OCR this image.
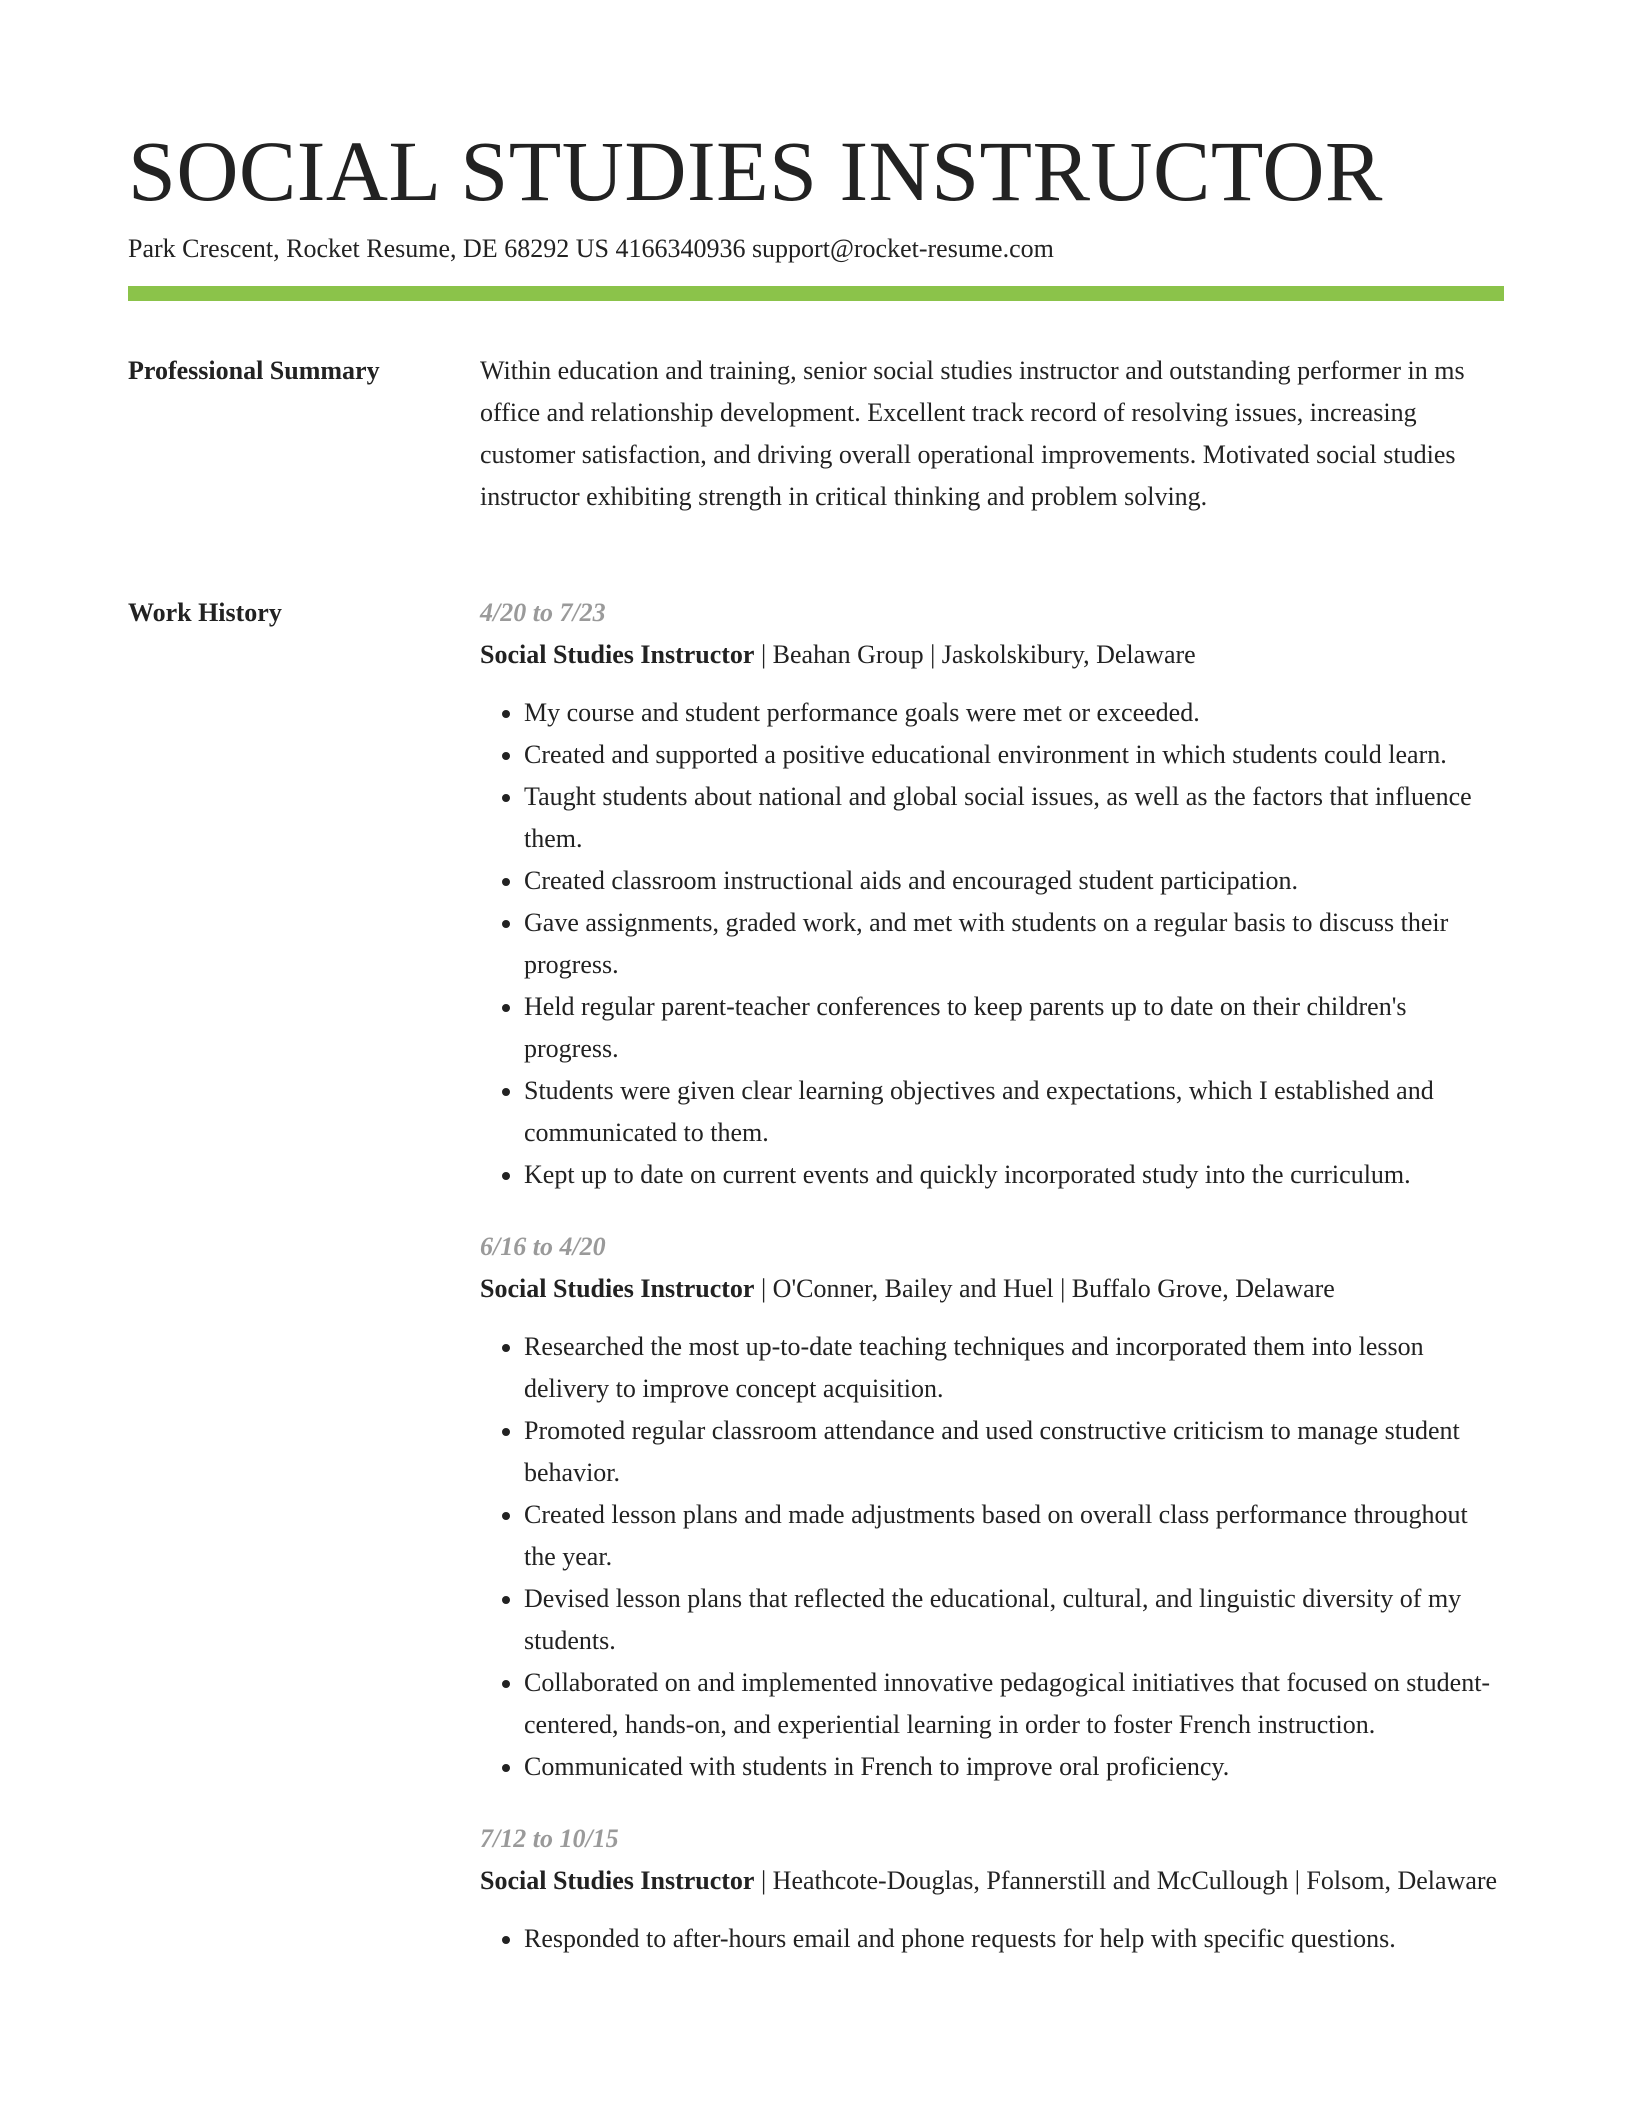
SOCIAL STUDIES INSTRUCTOR
Park Crescent, Rocket Resume, DE 68292 US 4166340936 support@rocket-resume.com
Professional Summary	Within education and training, senior social studies instructor and outstanding performer in ms office and relationship development. Excellent track record of resolving issues, increasing customer satisfaction, and driving overall operational improvements. Motivated social studies instructor exhibiting strength in critical thinking and problem solving.

Work History	4/20 to 7/23
Social Studies Instructor | Beahan Group | Jaskolskibury, Delaware
• My course and student performance goals were met or exceeded.
• Created and supported a positive educational environment in which students could learn.
• Taught students about national and global social issues, as well as the factors that influence them.
• Created classroom instructional aids and encouraged student participation.
• Gave assignments, graded work, and met with students on a regular basis to discuss their progress.
• Held regular parent-teacher conferences to keep parents up to date on their children's progress.
• Students were given clear learning objectives and expectations, which I established and communicated to them.
• Kept up to date on current events and quickly incorporated study into the curriculum.
6/16 to 4/20
Social Studies Instructor | O'Conner, Bailey and Huel | Buffalo Grove, Delaware
• Researched the most up-to-date teaching techniques and incorporated them into lesson delivery to improve concept acquisition.
• Promoted regular classroom attendance and used constructive criticism to manage student behavior.
• Created lesson plans and made adjustments based on overall class performance throughout the year.
• Devised lesson plans that reflected the educational, cultural, and linguistic diversity of my students.
• Collaborated on and implemented innovative pedagogical initiatives that focused on student-centered, hands-on, and experiential learning in order to foster French instruction.
• Communicated with students in French to improve oral proficiency.
7/12 to 10/15
Social Studies Instructor | Heathcote-Douglas, Pfannerstill and McCullough | Folsom, Delaware
• Responded to after-hours email and phone requests for help with specific questions.
